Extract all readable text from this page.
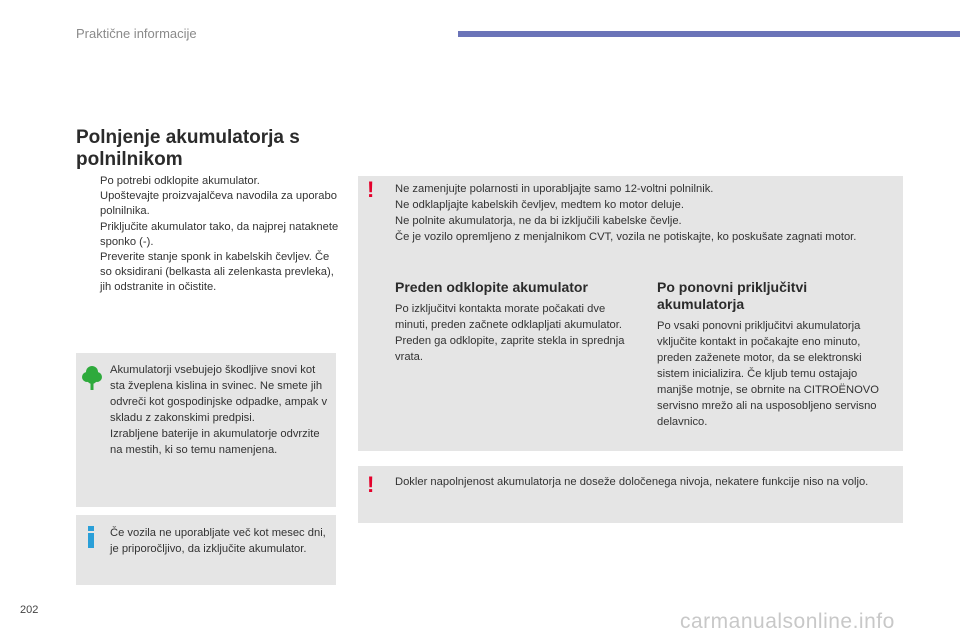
Praktične informacije
Polnjenje akumulatorja s polnilnikom
Po potrebi odklopite akumulator.
Upoštevajte proizvajalčeva navodila za uporabo polnilnika.
Priključite akumulator tako, da najprej nataknete sponko (-).
Preverite stanje sponk in kabelskih čevljev. Če so oksidirani (belkasta ali zelenkasta prevleka), jih odstranite in očistite.
Akumulatorji vsebujejo škodljive snovi kot sta žveplena kislina in svinec. Ne smete jih odvreči kot gospodinjske odpadke, ampak v skladu z zakonskimi predpisi.
Izrabljene baterije in akumulatorje odvrzite na mestih, ki so temu namenjena.
Če vozila ne uporabljate več kot mesec dni, je priporočljivo, da izklјučite akumulator.
! Ne zamenjujte polarnosti in uporabljajte samo 12-voltni polnilnik.
Ne odklapljajte kabelskih čevljev, medtem ko motor deluje.
Ne polnite akumulatorja, ne da bi izključili kabelske čevlje.
Če je vozilo opremljeno z menjalnikom CVT, vozila ne potiskajte, ko poskušate zagnati motor.
Preden odklopite akumulator
Po izključitvi kontakta morate počakati dve minuti, preden začnete odklapljati akumulator.
Preden ga odklopite, zaprite stekla in sprednja vrata.
Po ponovni priključitvi akumulatorja
Po vsaki ponovni priključitvi akumulatorja vključite kontakt in počakajte eno minuto, preden zaženete motor, da se elektronski sistem inicializira. Če kljub temu ostajajo manjše motnje, se obrnite na CITROËNOVO servisno mrežo ali na usposobljeno servisno delavnico.
! Dokler napolnjenost akumulatorja ne doseže določenega nivoja, nekatere funkcije niso na voljo.
202	carmanualsonline.info
